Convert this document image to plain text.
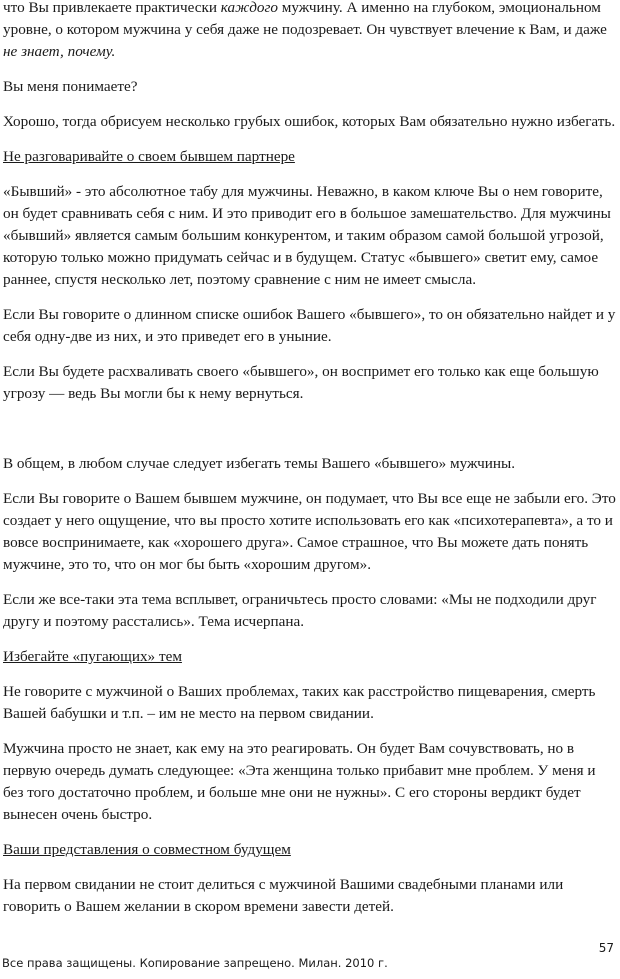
что Вы привлекаете практически каждого мужчину. А именно на глубоком, эмоциональном уровне, о котором мужчина у себя даже не подозревает. Он чувствует влечение к Вам, и даже не знает, почему.

Вы меня понимаете?

Хорошо, тогда обрисуем несколько грубых ошибок, которых Вам обязательно нужно избегать.

Не разговаривайте о своем бывшем партнере

«Бывший» - это абсолютное табу для мужчины. Неважно, в каком ключе Вы о нем говорите, он будет сравнивать себя с ним. И это приводит его в большое замешательство. Для мужчины «бывший» является самым большим конкурентом, и таким образом самой большой угрозой, которую только можно придумать сейчас и в будущем. Статус «бывшего» светит ему, самое раннее, спустя несколько лет, поэтому сравнение с ним не имеет смысла.

Если Вы говорите о длинном списке ошибок Вашего «бывшего», то он обязательно найдет и у себя одну-две из них, и это приведет его в уныние.

Если Вы будете расхваливать своего «бывшего», он воспримет его только как еще большую угрозу — ведь Вы могли бы к нему вернуться.

В общем, в любом случае следует избегать темы Вашего «бывшего» мужчины.

Если Вы говорите о Вашем бывшем мужчине, он подумает, что Вы все еще не забыли его. Это создает у него ощущение, что вы просто хотите использовать его как «психотерапевта», а то и вовсе воспринимаете, как «хорошего друга». Самое страшное, что Вы можете дать понять мужчине, это то, что он мог бы быть «хорошим другом».

Если же все-таки эта тема всплывет, ограничьтесь просто словами: «Мы не подходили друг другу и поэтому расстались». Тема исчерпана.

Избегайте «пугающих» тем

Не говорите с мужчиной о Ваших проблемах, таких как расстройство пищеварения, смерть Вашей бабушки и т.п. – им не место на первом свидании.

Мужчина просто не знает, как ему на это реагировать. Он будет Вам сочувствовать, но в первую очередь думать следующее: «Эта женщина только прибавит мне проблем. У меня и без того достаточно проблем, и больше мне они не нужны». С его стороны вердикт будет вынесен очень быстро.

Ваши представления о совместном будущем

На первом свидании не стоит делиться с мужчиной Вашими свадебными планами или говорить о Вашем желании в скором времени завести детей.

Все права защищены. Копирование запрещено. Милан. 2010 г.
57
